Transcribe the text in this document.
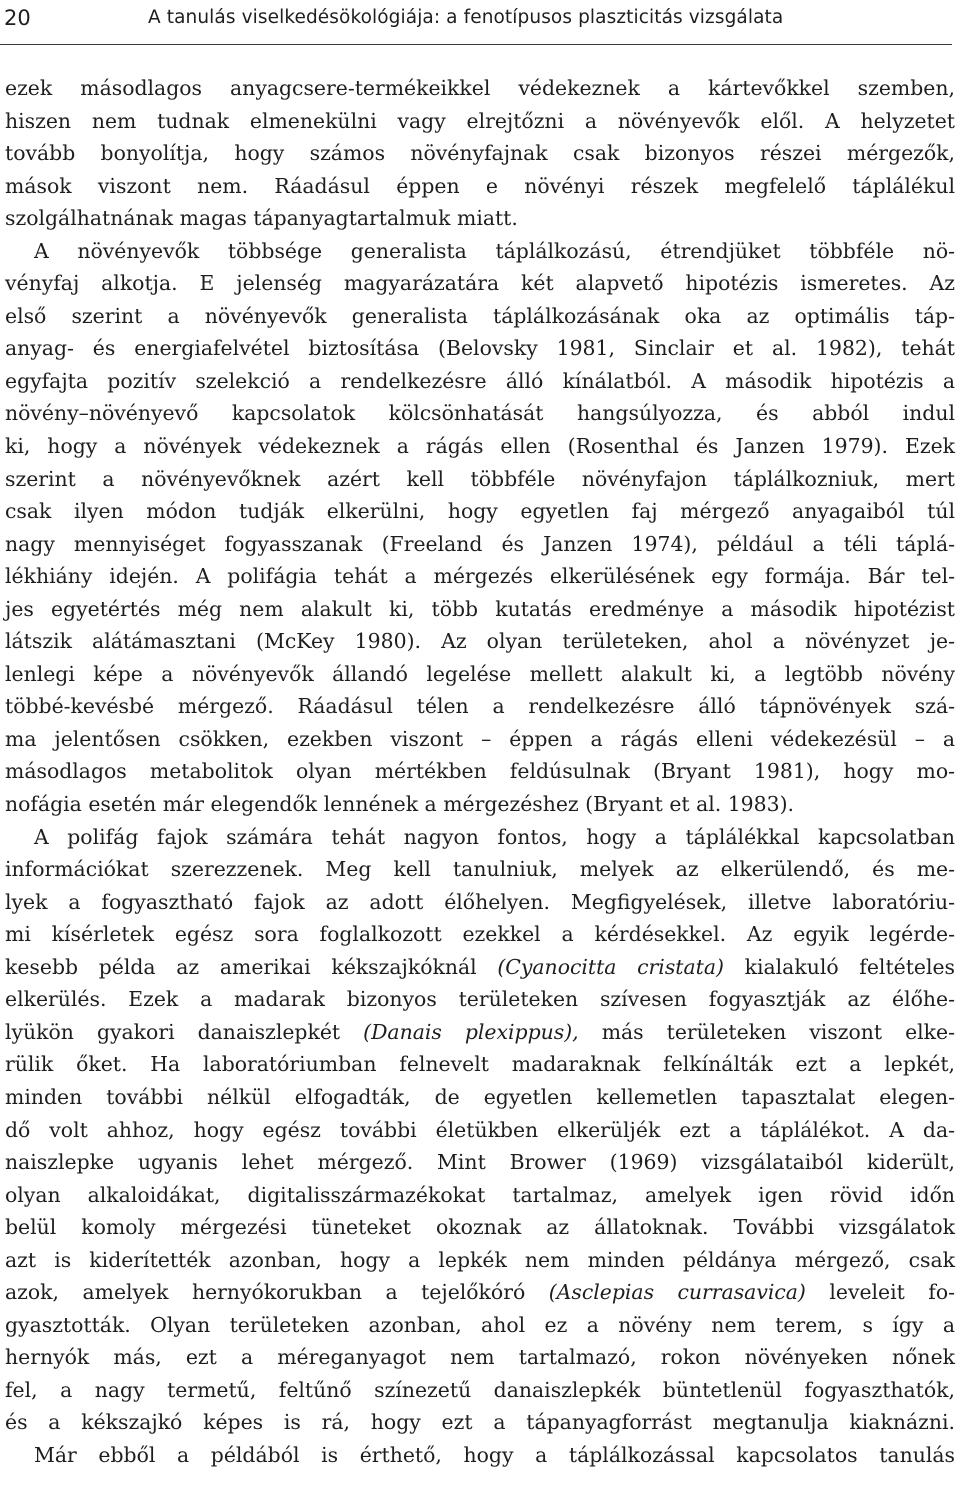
20	A tanulás viselkedésökológiája: a fenotípusos plaszticitás vizsgálata
ezek másodlagos anyagcsere-termékeikkel védekeznek a kártevőkkel szemben,
hiszen nem tudnak elmenekülni vagy elrejtőzni a növényevők elől. A helyzetet
tovább bonyolítja, hogy számos növényfajnak csak bizonyos részei mérgezők,
mások viszont nem. Ráadásul éppen e növényi részek megfelelő táplálékul
szolgálhatnának magas tápanyagtartalmuk miatt.
A növényevők többsége generalista táplálkozású, étrendjüket többféle nö-
vényfaj alkotja. E jelenség magyarázatára két alapvető hipotézis ismeretes. Az
első szerint a növényevők generalista táplálkozásának oka az optimális táp-
anyag- és energiafelvétel biztosítása (Belovsky 1981, Sinclair et al. 1982), tehát
egyfajta pozitív szelekció a rendelkezésre álló kínálatból. A második hipotézis a
növény–növényevő kapcsolatok kölcsönhatását hangsúlyozza, és abból indul
ki, hogy a növények védekeznek a rágás ellen (Rosenthal és Janzen 1979). Ezek
szerint a növényevőknek azért kell többféle növényfajon táplálkozniuk, mert
csak ilyen módon tudják elkerülni, hogy egyetlen faj mérgező anyagaiból túl
nagy mennyiséget fogyasszanak (Freeland és Janzen 1974), például a téli táplá-
lékhiány idején. A polifágia tehát a mérgezés elkerülésének egy formája. Bár tel-
jes egyetértés még nem alakult ki, több kutatás eredménye a második hipotézist
látszik alátámasztani (McKey 1980). Az olyan területeken, ahol a növényzet je-
lenlegi képe a növényevők állandó legelése mellett alakult ki, a legtöbb növény
többé-kevésbé mérgező. Ráadásul télen a rendelkezésre álló tápnövények szá-
ma jelentősen csökken, ezekben viszont – éppen a rágás elleni védekezésül – a
másodlagos metabolitok olyan mértékben feldúsulnak (Bryant 1981), hogy mo-
nofágia esetén már elegendők lennének a mérgezéshez (Bryant et al. 1983).
A polifág fajok számára tehát nagyon fontos, hogy a táplálékkal kapcsolatban
információkat szerezzenek. Meg kell tanulniuk, melyek az elkerülendő, és me-
lyek a fogyasztható fajok az adott élőhelyen. Megfigyelések, illetve laboratóriu-
mi kísérletek egész sora foglalkozott ezekkel a kérdésekkel. Az egyik legérde-
kesebb példa az amerikai kékszajkóknál (Cyanocitta cristata) kialakuló feltételes
elkerülés. Ezek a madarak bizonyos területeken szívesen fogyasztják az élőhe-
lyükön gyakori danaiszlepkét (Danais plexippus), más területeken viszont elke-
rülik őket. Ha laboratóriumban felnevelt madaraknak felkínálták ezt a lepkét,
minden további nélkül elfogadták, de egyetlen kellemetlen tapasztalat elegen-
dő volt ahhoz, hogy egész további életükben elkerüljék ezt a táplálékot. A da-
naiszlepke ugyanis lehet mérgező. Mint Brower (1969) vizsgálataiból kiderült,
olyan alkaloidákat, digitalisszármazékokat tartalmaz, amelyek igen rövid időn
belül komoly mérgezési tüneteket okoznak az állatoknak. További vizsgálatok
azt is kiderítették azonban, hogy a lepkék nem minden példánya mérgező, csak
azok, amelyek hernyókorukban a tejelőkóró (Asclepias currasavica) leveleit fo-
gyasztották. Olyan területeken azonban, ahol ez a növény nem terem, s így a
hernyók más, ezt a méreganyagot nem tartalmazó, rokon növényeken nőnek
fel, a nagy termetű, feltűnő színezetű danaiszlepkék büntetlenül fogyaszthatók,
és a kékszajkó képes is rá, hogy ezt a tápanyagforrást megtanulja kiaknázni.
Már ebből a példából is érthető, hogy a táplálkozással kapcsolatos tanulás
